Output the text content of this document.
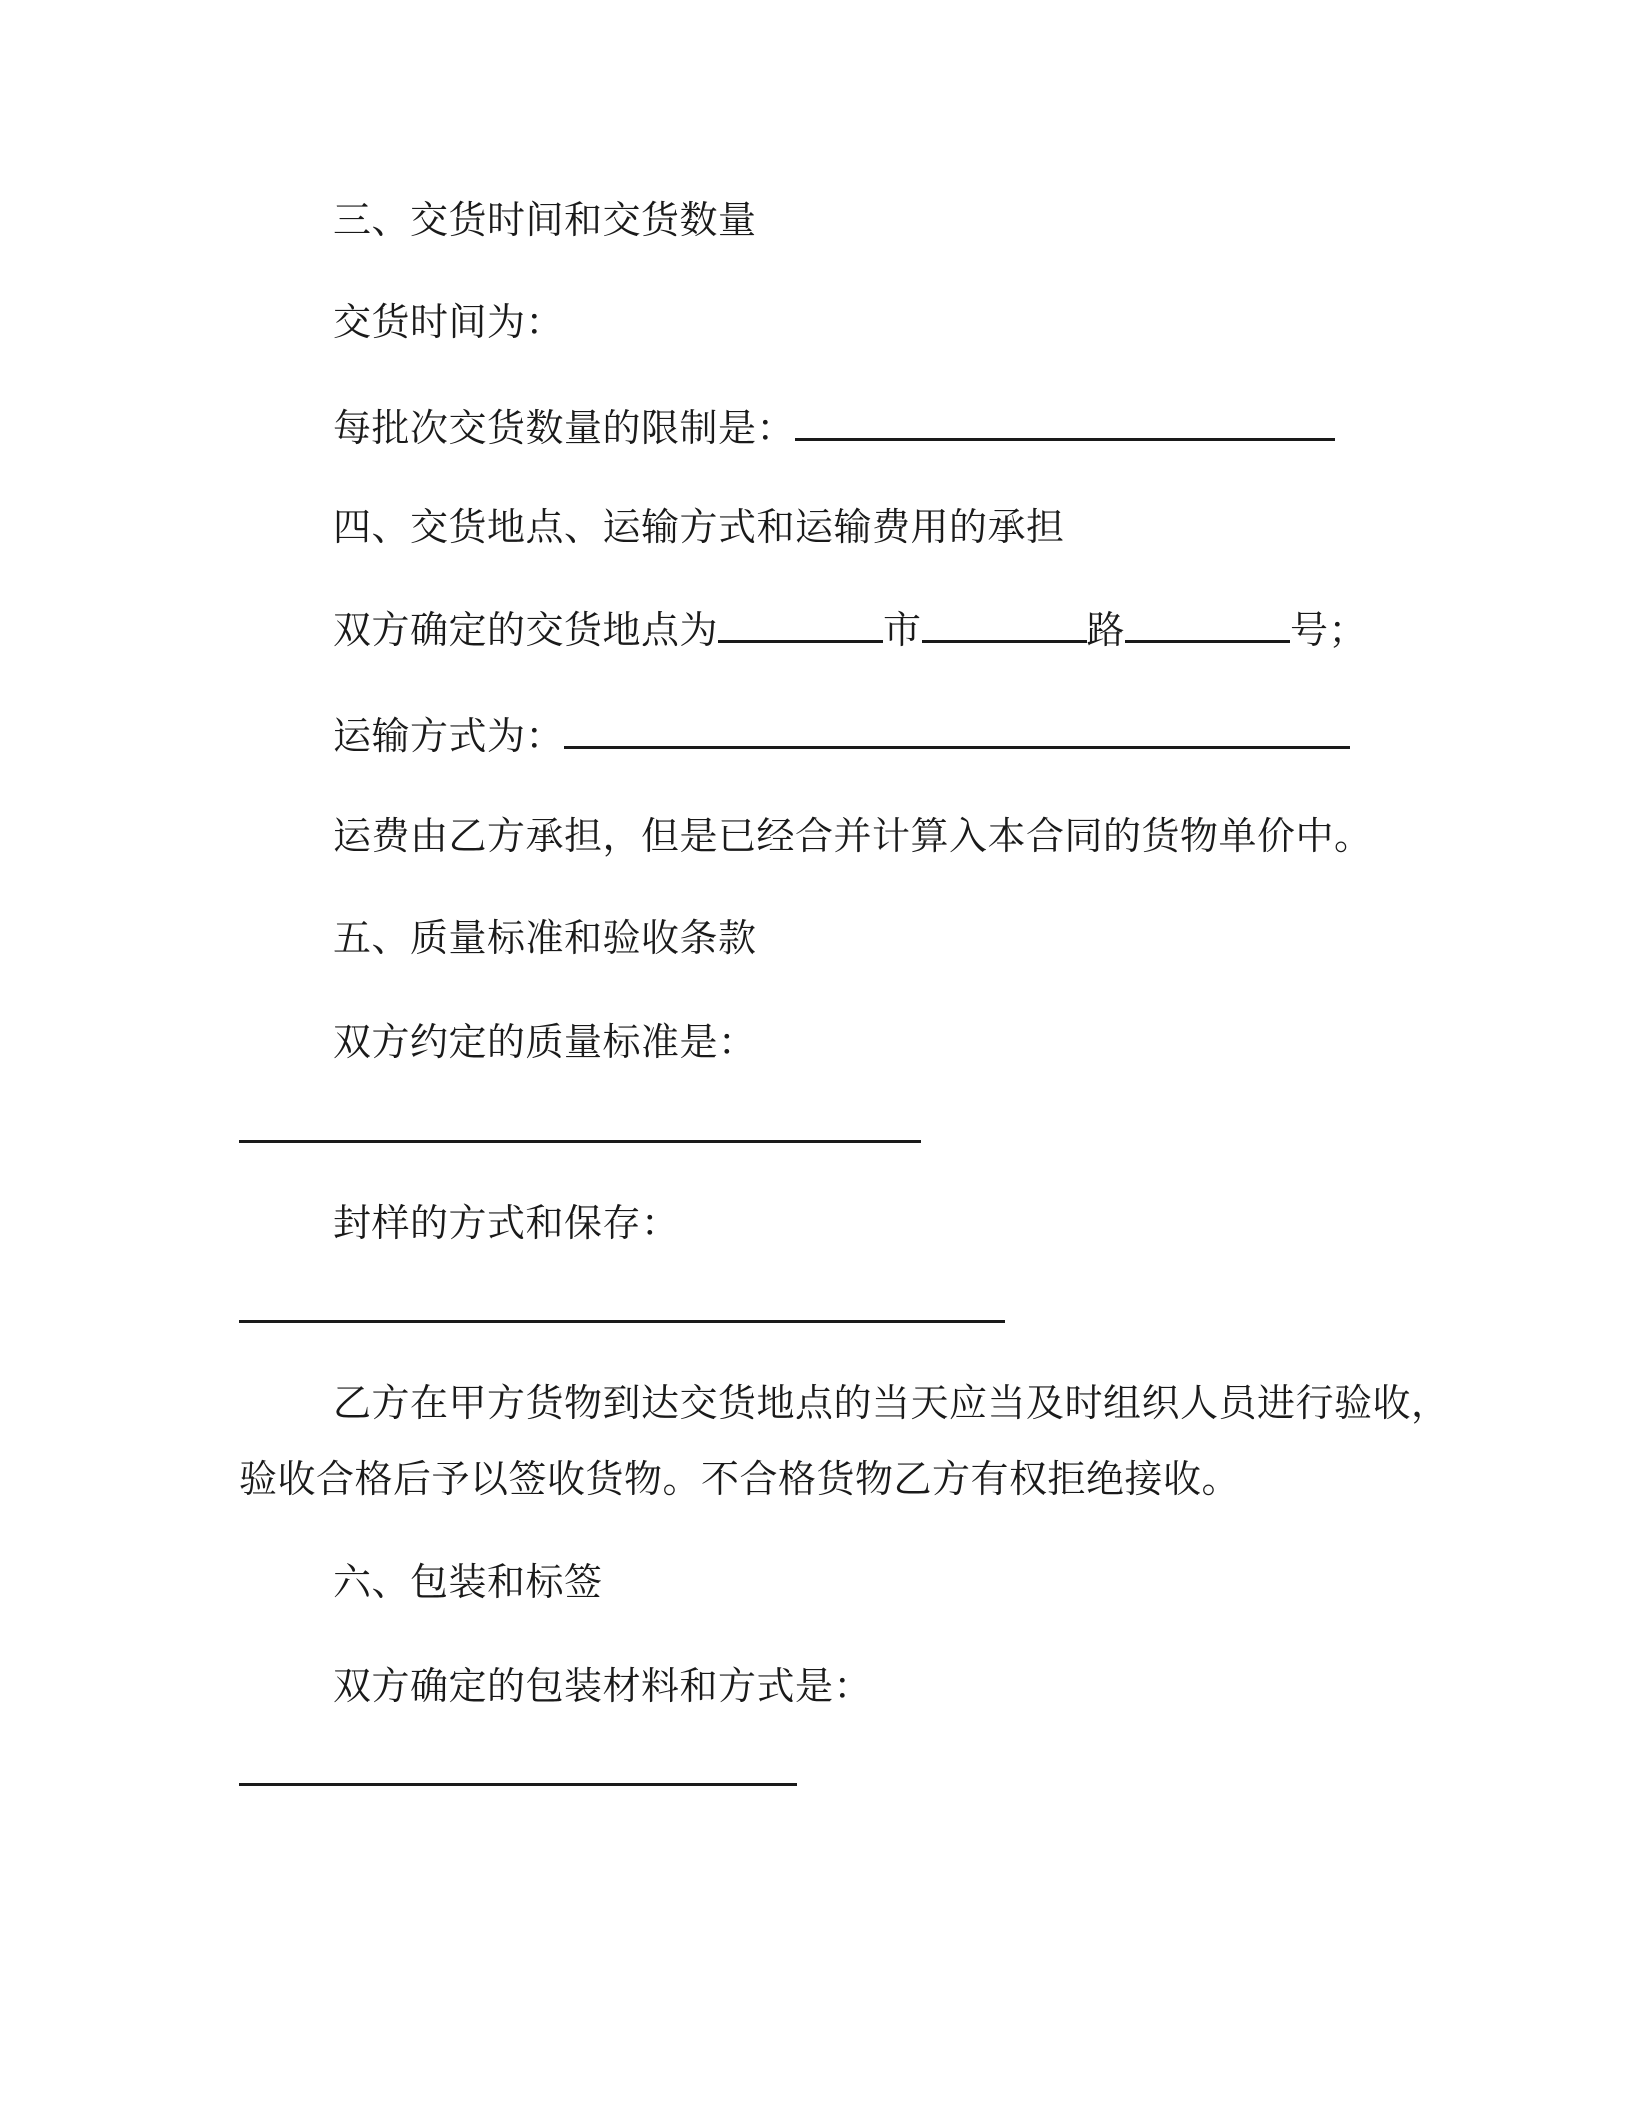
三、交货时间和交货数量
交货时间为：
每批次交货数量的限制是：
四、交货地点、运输方式和运输费用的承担
双方确定的交货地点为	市	路	号；
运输方式为：
运费由乙方承担，但是已经合并计算入本合同的货物单价中。
五、质量标准和验收条款
双方约定的质量标准是：
封样的方式和保存：
乙方在甲方货物到达交货地点的当天应当及时组织人员进行验收，
验收合格后予以签收货物。不合格货物乙方有权拒绝接收。
六、包装和标签
双方确定的包装材料和方式是：
